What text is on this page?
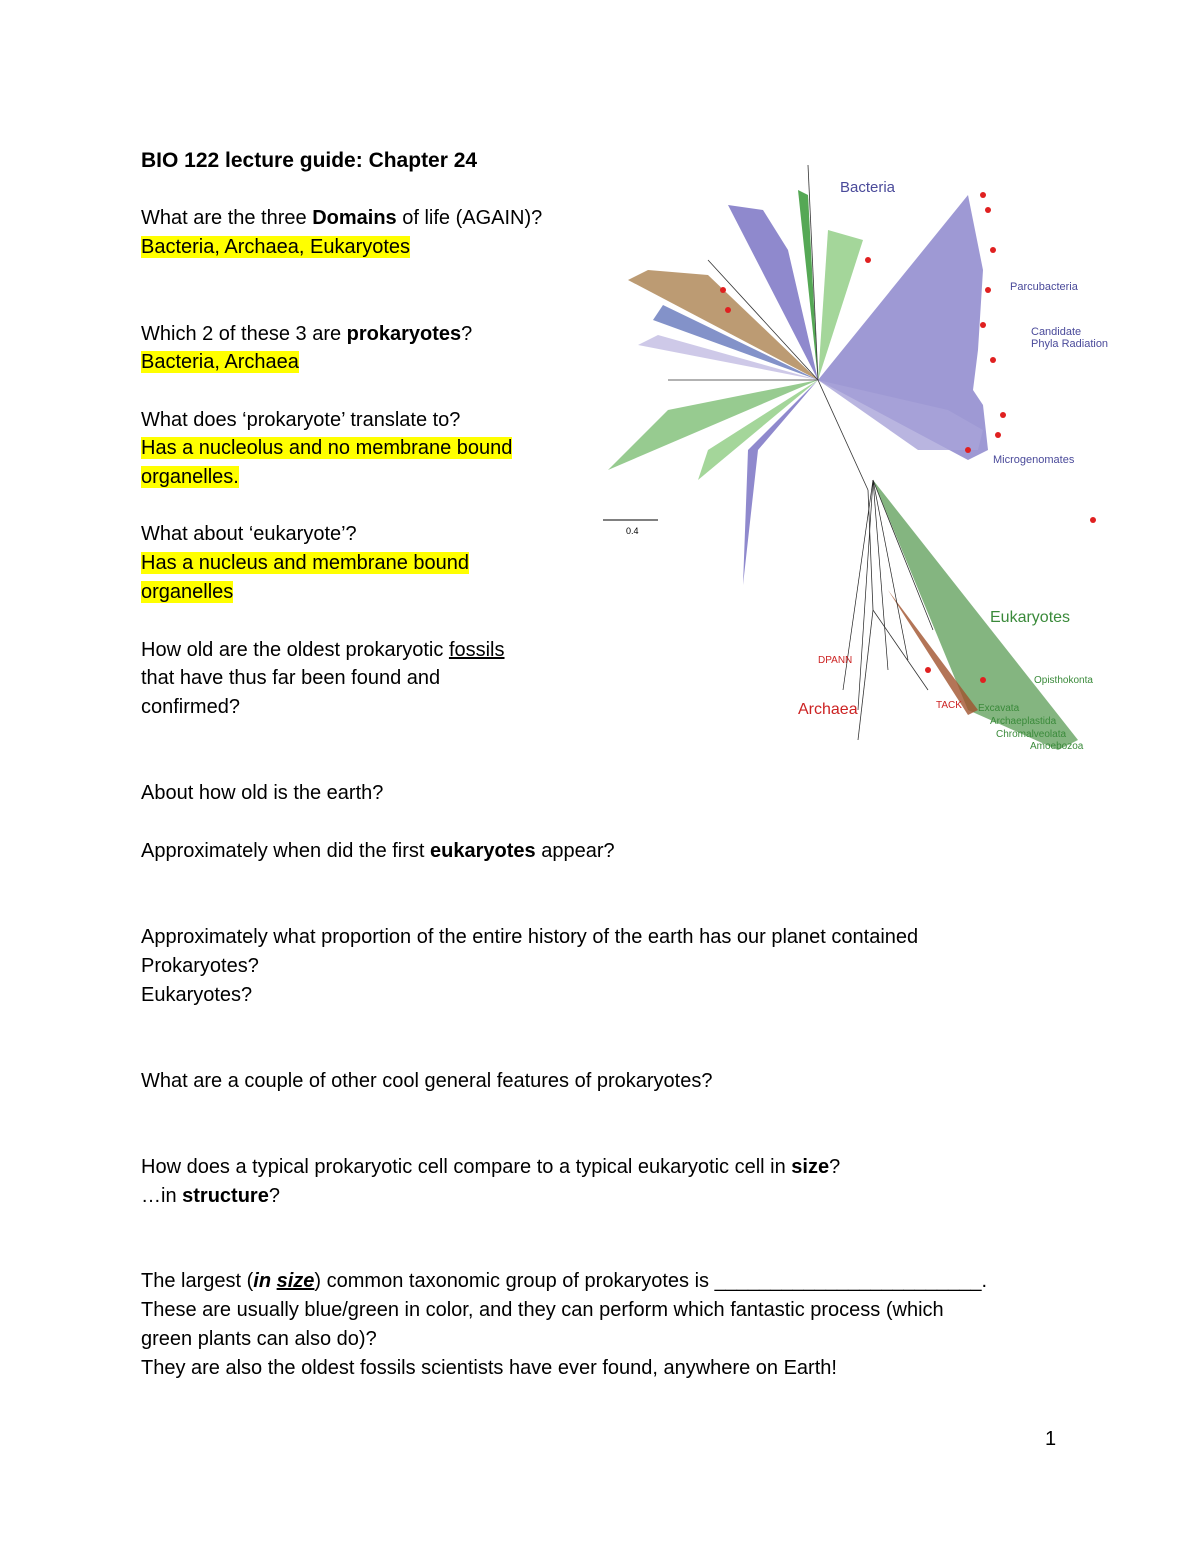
BIO 122 lecture guide: Chapter 24
What are the three Domains of life (AGAIN)?
Bacteria, Archaea, Eukaryotes
Which 2 of these 3 are prokaryotes?
Bacteria, Archaea
What does ‘prokaryote’ translate to?
Has a nucleolus and no membrane bound
organelles.
What about ‘eukaryote’?
Has a nucleus and membrane bound
organelles
How old are the oldest prokaryotic fossils
that have thus far been found and
confirmed?
About how old is the earth?
Approximately when did the first eukaryotes appear?
Approximately what proportion of the entire history of the earth has our planet contained
Prokaryotes?
Eukaryotes?
What are a couple of other cool general features of prokaryotes?
How does a typical prokaryotic cell compare to a typical eukaryotic cell in size?
…in structure?
The largest (in size) common taxonomic group of prokaryotes is ________________________.
These are usually blue/green in color, and they can perform which fantastic process (which
green plants can also do)?
They are also the oldest fossils scientists have ever found, anywhere on Earth!
1
0.4
Bacteria
Parcubacteria
Candidate
Phyla Radiation
Microgenomates
Eukaryotes
Opisthokonta
Excavata
Archaeplastida
Chromalveolata
Amoebozoa
Archaea
DPANN
TACK
